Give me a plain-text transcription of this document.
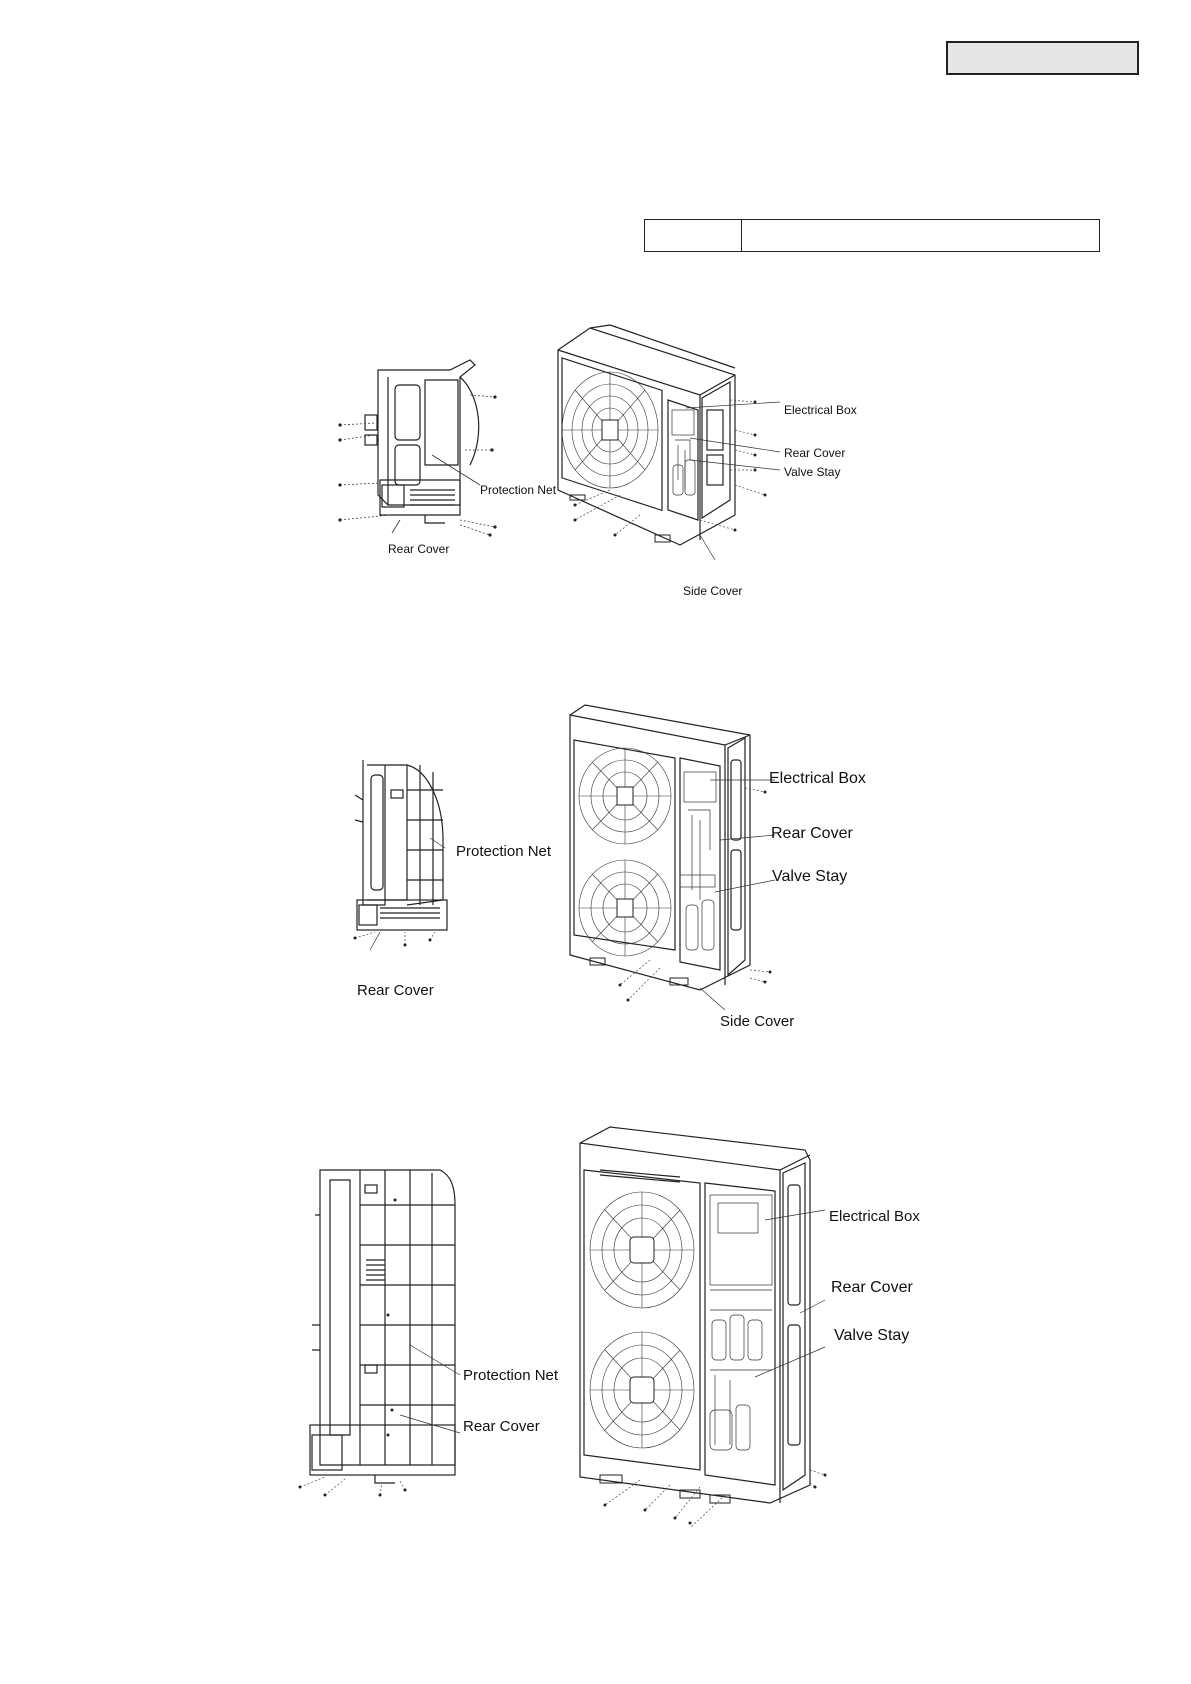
Protection Net
Rear Cover
Electrical Box
Rear Cover
Valve Stay
Side Cover
Protection Net
Rear Cover
Electrical Box
Rear Cover
Valve Stay
Side Cover
Protection Net
Rear Cover
Electrical Box
Rear Cover
Valve Stay
